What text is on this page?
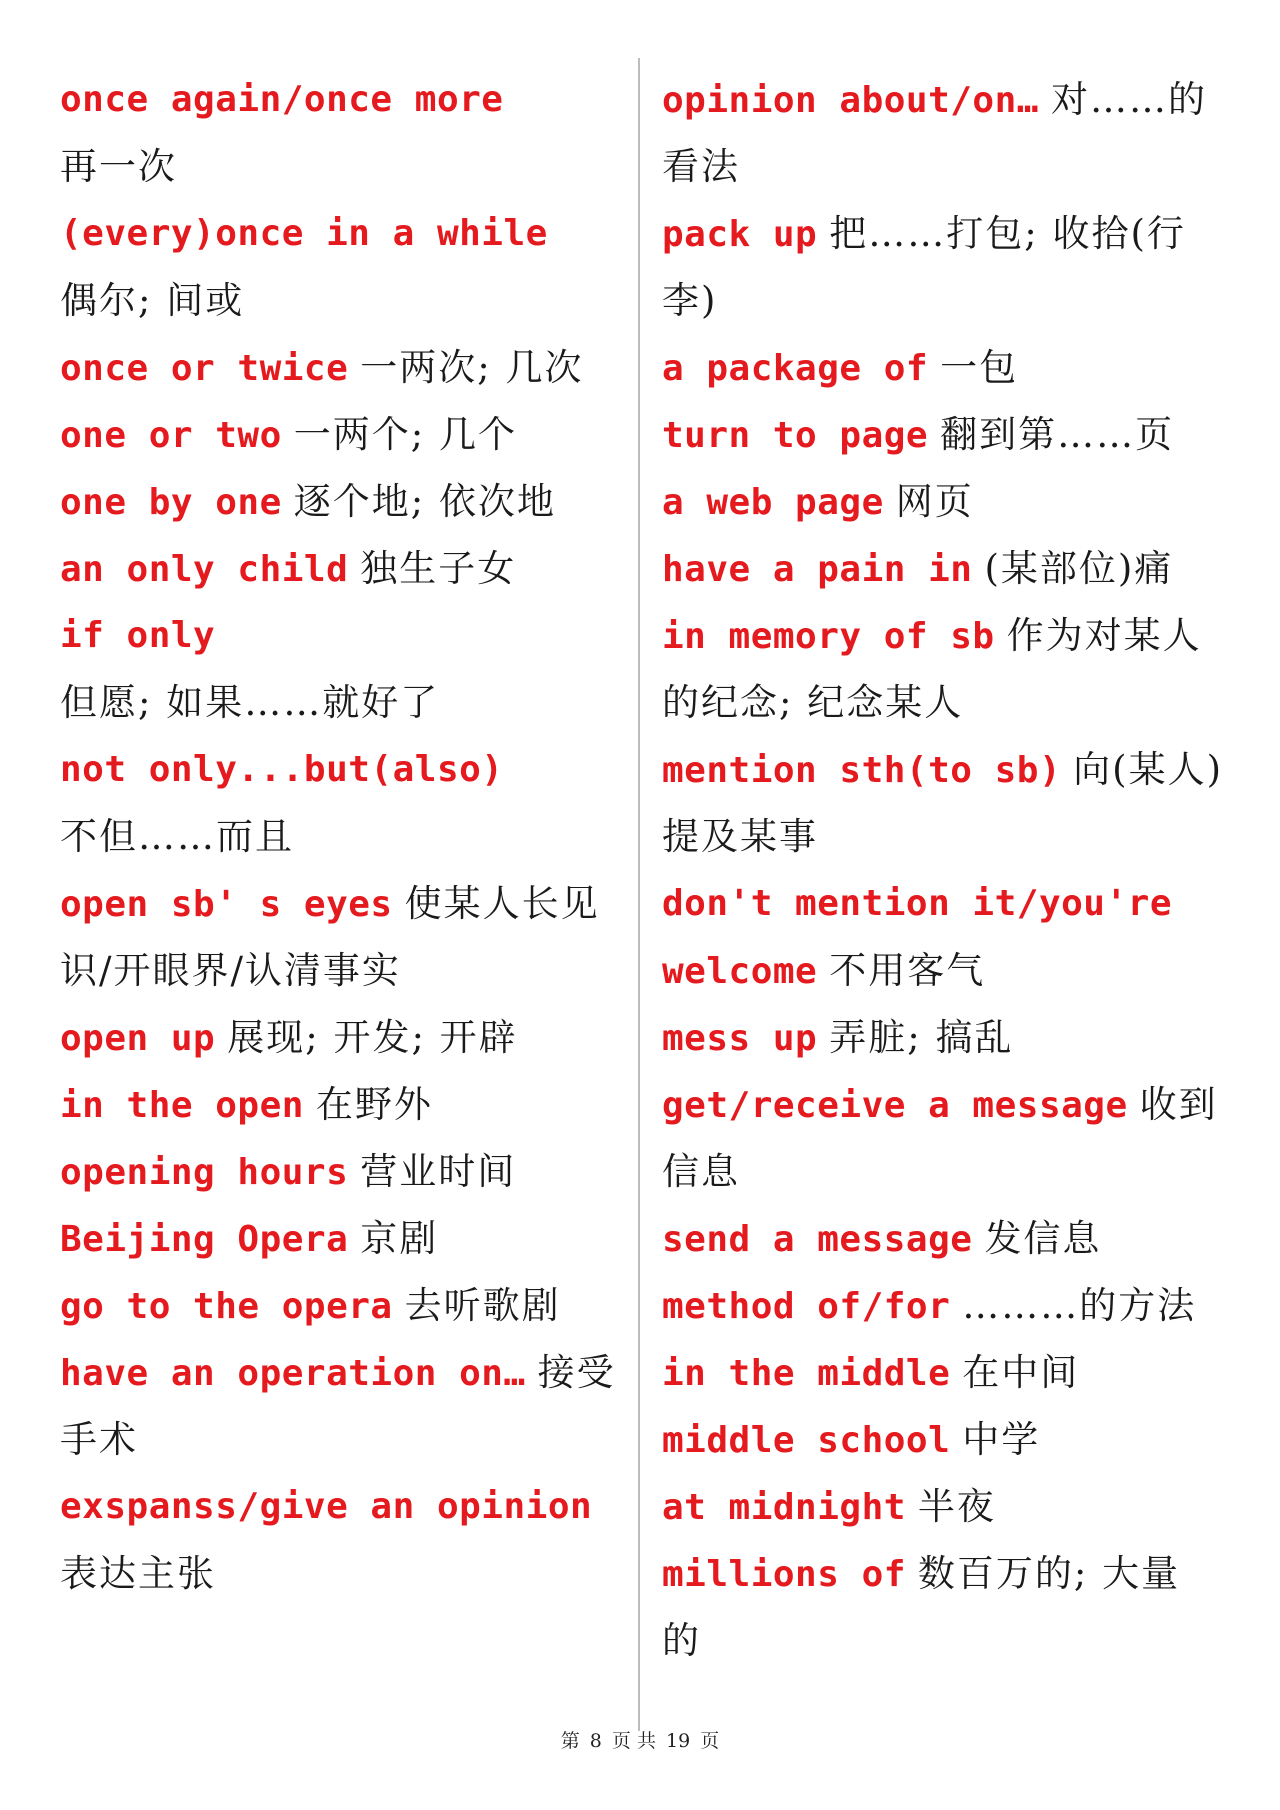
once again/once more
再一次
(every)once in a while
偶尔; 间或
once or twice 一两次; 几次
one or two 一两个; 几个
one by one 逐个地; 依次地
an only child 独生子女
if only
但愿; 如果……就好了
not only...but(also)
不但……而且
open sb' s eyes 使某人长见
识/开眼界/认清事实
open up 展现; 开发; 开辟
in the open 在野外
opening hours 营业时间
Beijing Opera 京剧
go to the opera 去听歌剧
have an operation on… 接受
手术
exspanss/give an opinion
表达主张
opinion about/on… 对……的
看法
pack up 把……打包; 收拾(行
李)
a package of 一包
turn to page 翻到第……页
a web page 网页
have a pain in (某部位)痛
in memory of sb 作为对某人
的纪念; 纪念某人
mention sth(to sb) 向(某人)
提及某事
don't mention it/you're
welcome 不用客气
mess up 弄脏; 搞乱
get/receive a message 收到
信息
send a message 发信息
method of/for ………的方法
in the middle 在中间
middle school 中学
at midnight 半夜
millions of 数百万的; 大量
的
第 8 页 共 19 页
